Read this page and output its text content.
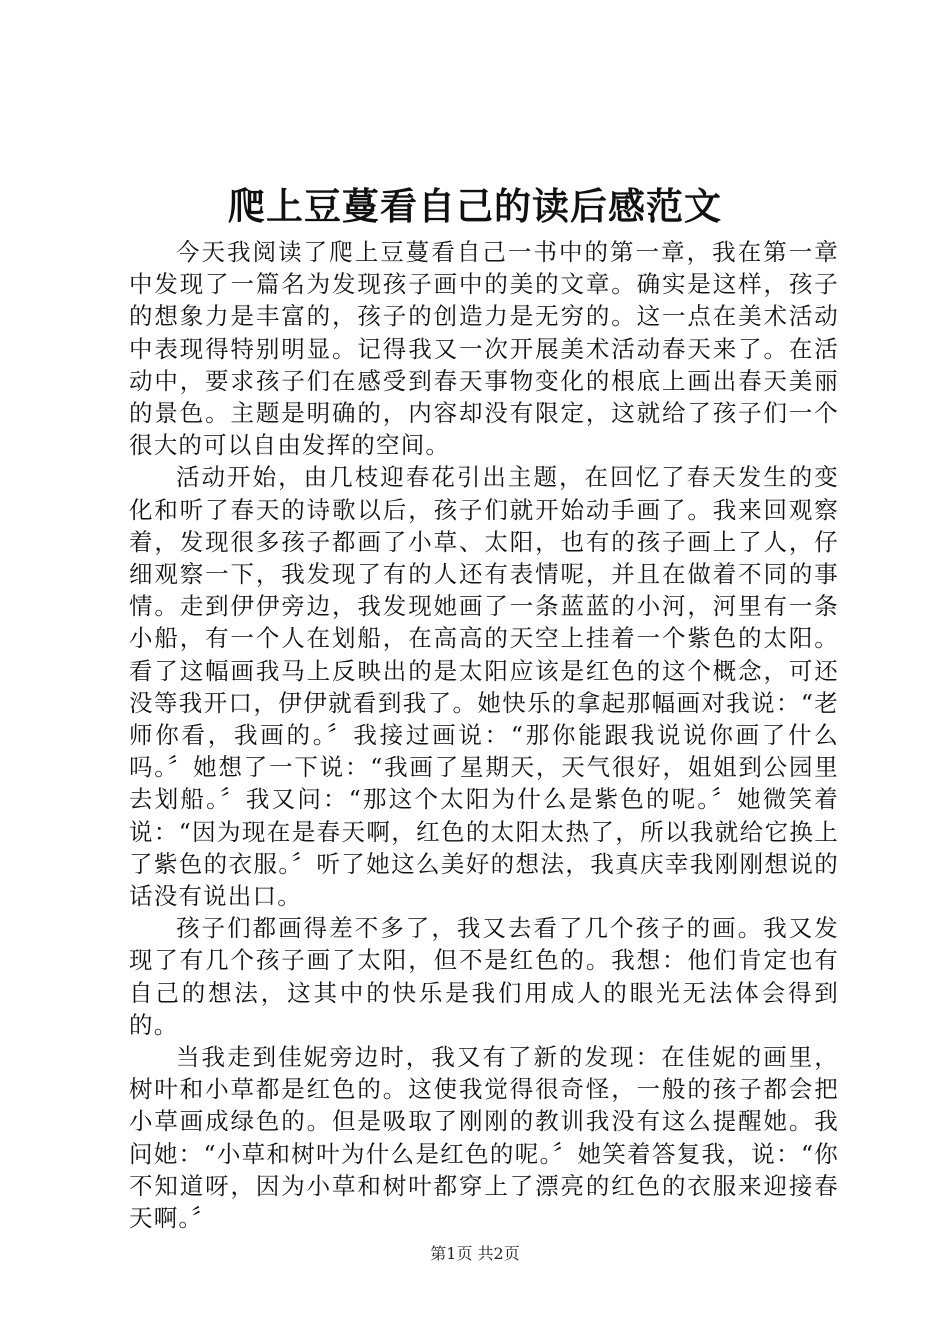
爬上豆蔓看自己的读后感范文

今天我阅读了爬上豆蔓看自己一书中的第一章，我在第一章中发现了一篇名为发现孩子画中的美的文章。确实是这样，孩子的想象力是丰富的，孩子的创造力是无穷的。这一点在美术活动中表现得特别明显。记得我又一次开展美术活动春天来了。在活动中，要求孩子们在感受到春天事物变化的根底上画出春天美丽的景色。主题是明确的，内容却没有限定，这就给了孩子们一个很大的可以自由发挥的空间。

活动开始，由几枝迎春花引出主题，在回忆了春天发生的变化和听了春天的诗歌以后，孩子们就开始动手画了。我来回观察着，发现很多孩子都画了小草、太阳，也有的孩子画上了人，仔细观察一下，我发现了有的人还有表情呢，并且在做着不同的事情。走到伊伊旁边，我发现她画了一条蓝蓝的小河，河里有一条小船，有一个人在划船，在高高的天空上挂着一个紫色的太阳。看了这幅画我马上反映出的是太阳应该是红色的这个概念，可还没等我开口，伊伊就看到我了。她快乐的拿起那幅画对我说：“老师你看，我画的。〞我接过画说：“那你能跟我说说你画了什么吗。〞她想了一下说：“我画了星期天，天气很好，姐姐到公园里去划船。〞我又问：“那这个太阳为什么是紫色的呢。〞她微笑着说：“因为现在是春天啊，红色的太阳太热了，所以我就给它换上了紫色的衣服。〞听了她这么美好的想法，我真庆幸我刚刚想说的话没有说出口。

孩子们都画得差不多了，我又去看了几个孩子的画。我又发现了有几个孩子画了太阳，但不是红色的。我想：他们肯定也有自己的想法，这其中的快乐是我们用成人的眼光无法体会得到的。

当我走到佳妮旁边时，我又有了新的发现：在佳妮的画里，树叶和小草都是红色的。这使我觉得很奇怪，一般的孩子都会把小草画成绿色的。但是吸取了刚刚的教训我没有这么提醒她。我问她：“小草和树叶为什么是红色的呢。〞她笑着答复我，说：“你不知道呀，因为小草和树叶都穿上了漂亮的红色的衣服来迎接春天啊。〞

第1页 共2页
